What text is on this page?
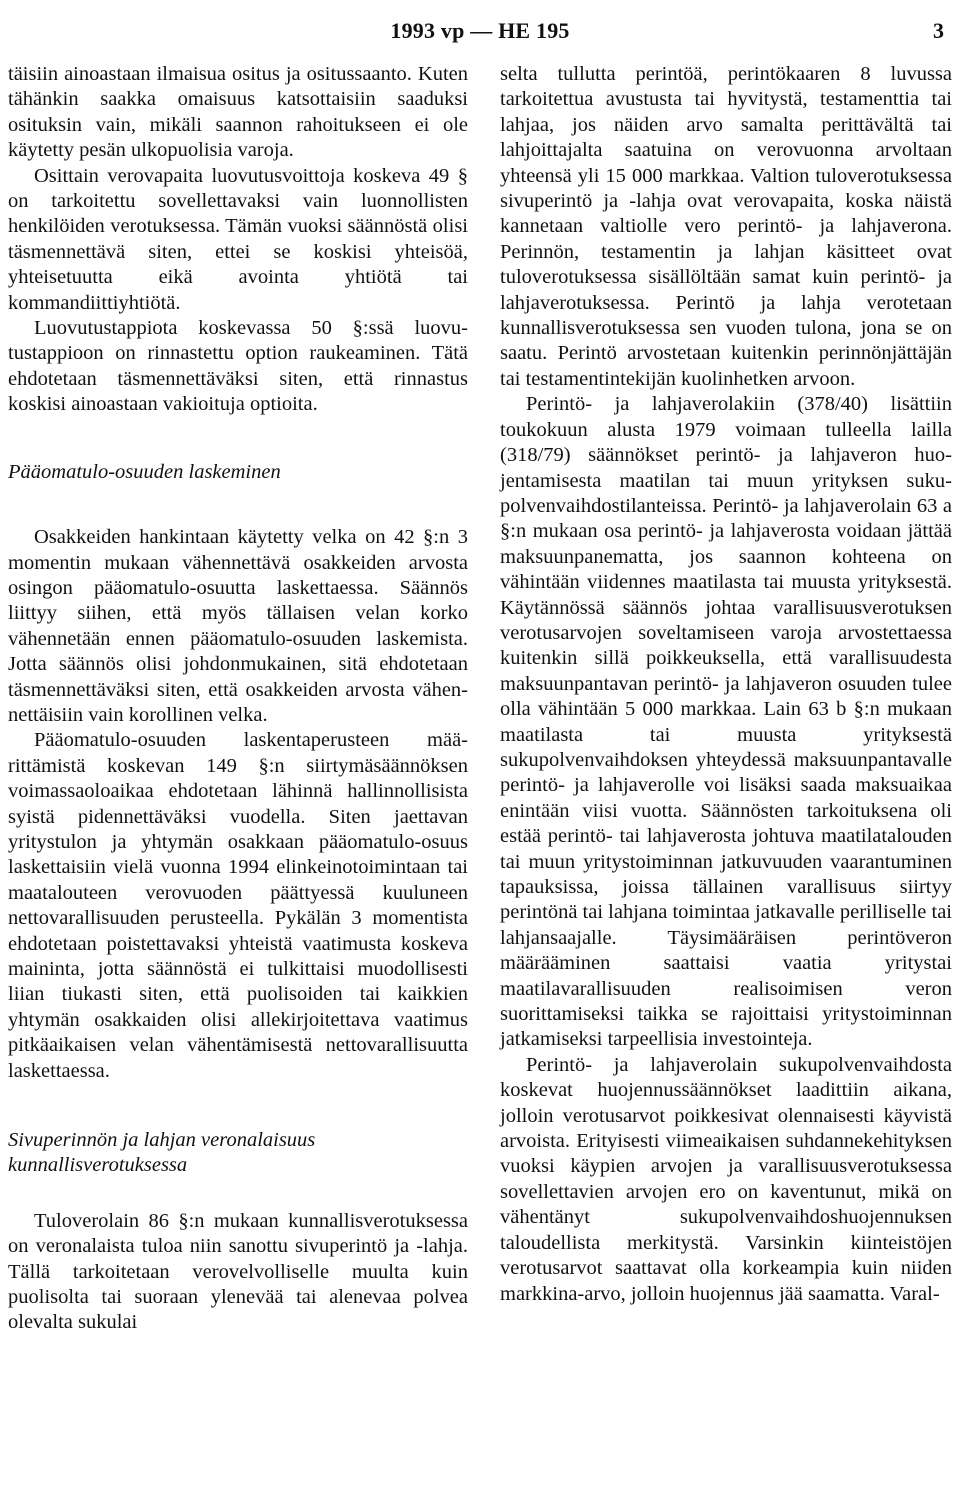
1993 vp — HE 195	3

täisiin ainoastaan ilmaisua ositus ja ositussaanto. Kuten tähänkin saakka omaisuus katsottaisiin saaduksi osituksin vain, mikäli saannon rahoitukseen ei ole käytetty pesän ulkopuolisia varoja.

Osittain verovapaita luovutusvoittoja koskeva 49 § on tarkoitettu sovellettavaksi vain luonnollisten henkilöiden verotuksessa. Tämän vuoksi säännöstä olisi täsmennettävä siten, ettei se koskisi yhteisöä, yhteisetuutta eikä avointa yhtiötä tai kommandiittiyhtiötä.

Luovutustappiota koskevassa 50 §:ssä luovutustappioon on rinnastettu option raukeaminen. Tätä ehdotetaan täsmennettäväksi siten, että rinnastus koskisi ainoastaan vakioituja optioita.

Pääomatulo-osuuden laskeminen

Osakkeiden hankintaan käytetty velka on 42 §:n 3 momentin mukaan vähennettävä osakkeiden arvosta osingon pääomatulo-osuutta laskettaessa. Säännös liittyy siihen, että myös tällaisen velan korko vähennetään ennen pääomatulo-osuuden laskemista. Jotta säännös olisi johdonmukainen, sitä ehdotetaan täsmennettäväksi siten, että osakkeiden arvosta vähennettäisiin vain korollinen velka.

Pääomatulo-osuuden laskentaperusteen määrittämistä koskevan 149 §:n siirtymäsäännöksen voimassaoloaikaa ehdotetaan lähinnä hallinnollisista syistä pidennettäväksi vuodella. Siten jaettavan yritystulon ja yhtymän osakkaan pääomatulo-osuus laskettaisiin vielä vuonna 1994 elinkeinotoimintaan tai maatalouteen verovuoden päättyessä kuuluneen nettovarallisuuden perusteella. Pykälän 3 momentista ehdotetaan poistettavaksi yhteistä vaatimusta koskeva maininta, jotta säännöstä ei tulkittaisi muodollisesti liian tiukasti siten, että puolisoiden tai kaikkien yhtymän osakkaiden olisi allekirjoitettava vaatimus pitkäaikaisen velan vähentämisestä nettovarallisuutta laskettaessa.

Sivuperinnön ja lahjan veronalaisuus kunnallisverotuksessa

Tuloverolain 86 §:n mukaan kunnallisverotuksessa on veronalaista tuloa niin sanottu sivuperintö ja -lahja. Tällä tarkoitetaan verovelvolliselle muulta kuin puolisolta tai suoraan ylenevää tai alenevaa polvea olevalta sukulai

selta tullutta perintöä, perintökaaren 8 luvussa tarkoitettua avustusta tai hyvitystä, testamenttia tai lahjaa, jos näiden arvo samalta perittävältä tai lahjoittajalta saatuina on verovuonna arvoltaan yhteensä yli 15 000 markkaa. Valtion tuloverotuksessa sivuperintö ja -lahja ovat verovapaita, koska näistä kannetaan valtiolle vero perintö- ja lahjaverona. Perinnön, testamentin ja lahjan käsitteet ovat tuloverotuksessa sisällöltään samat kuin perintö- ja lahjaverotuksessa. Perintö ja lahja verotetaan kunnallisverotuksessa sen vuoden tulona, jona se on saatu. Perintö arvostetaan kuitenkin perinnönjättäjän tai testamentintekijän kuolinhetken arvoon.

Perintö- ja lahjaverolakiin (378/40) lisättiin toukokuun alusta 1979 voimaan tulleella lailla (318/79) säännökset perintö- ja lahjaveron huojentamisesta maatilan tai muun yrityksen sukupolvenvaihdostilanteissa. Perintö- ja lahjaverolain 63 a §:n mukaan osa perintö- ja lahjaverosta voidaan jättää maksuunpanematta, jos saannon kohteena on vähintään viidennes maatilasta tai muusta yrityksestä. Käytännössä säännös johtaa varallisuusverotuksen verotusarvojen soveltamiseen varoja arvostettaessa kuitenkin sillä poikkeuksella, että varallisuudesta maksuunpantavan perintö- ja lahjaveron osuuden tulee olla vähintään 5 000 markkaa. Lain 63 b §:n mukaan maatilasta tai muusta yrityksestä sukupolvenvaihdoksen yhteydessä maksuunpantavalle perintö- ja lahjaverolle voi lisäksi saada maksuaikaa enintään viisi vuotta. Säännösten tarkoituksena oli estää perintö- tai lahjaverosta johtuva maatilatalouden tai muun yritystoiminnan jatkuvuuden vaarantuminen tapauksissa, joissa tällainen varallisuus siirtyy perintönä tai lahjana toimintaa jatkavalle perilliselle tai lahjansaajalle. Täysimääräisen perintöveron määrääminen saattaisi vaatia yritystai maatilavarallisuuden realisoimisen veron suorittamiseksi taikka se rajoittaisi yritystoiminnan jatkamiseksi tarpeellisia investointeja.

Perintö- ja lahjaverolain sukupolvenvaihdosta koskevat huojennussäännökset laadittiin aikana, jolloin verotusarvot poikkesivat olennaisesti käyvistä arvoista. Erityisesti viimeaikaisen suhdannekehityksen vuoksi käypien arvojen ja varallisuusverotuksessa sovellettavien arvojen ero on kaventunut, mikä on vähentänyt sukupolvenvaihdoshuojennuksen taloudellista merkitystä. Varsinkin kiinteistöjen verotusarvot saattavat olla korkeampia kuin niiden markkina-arvo, jolloin huojennus jää saamatta. Varal-
